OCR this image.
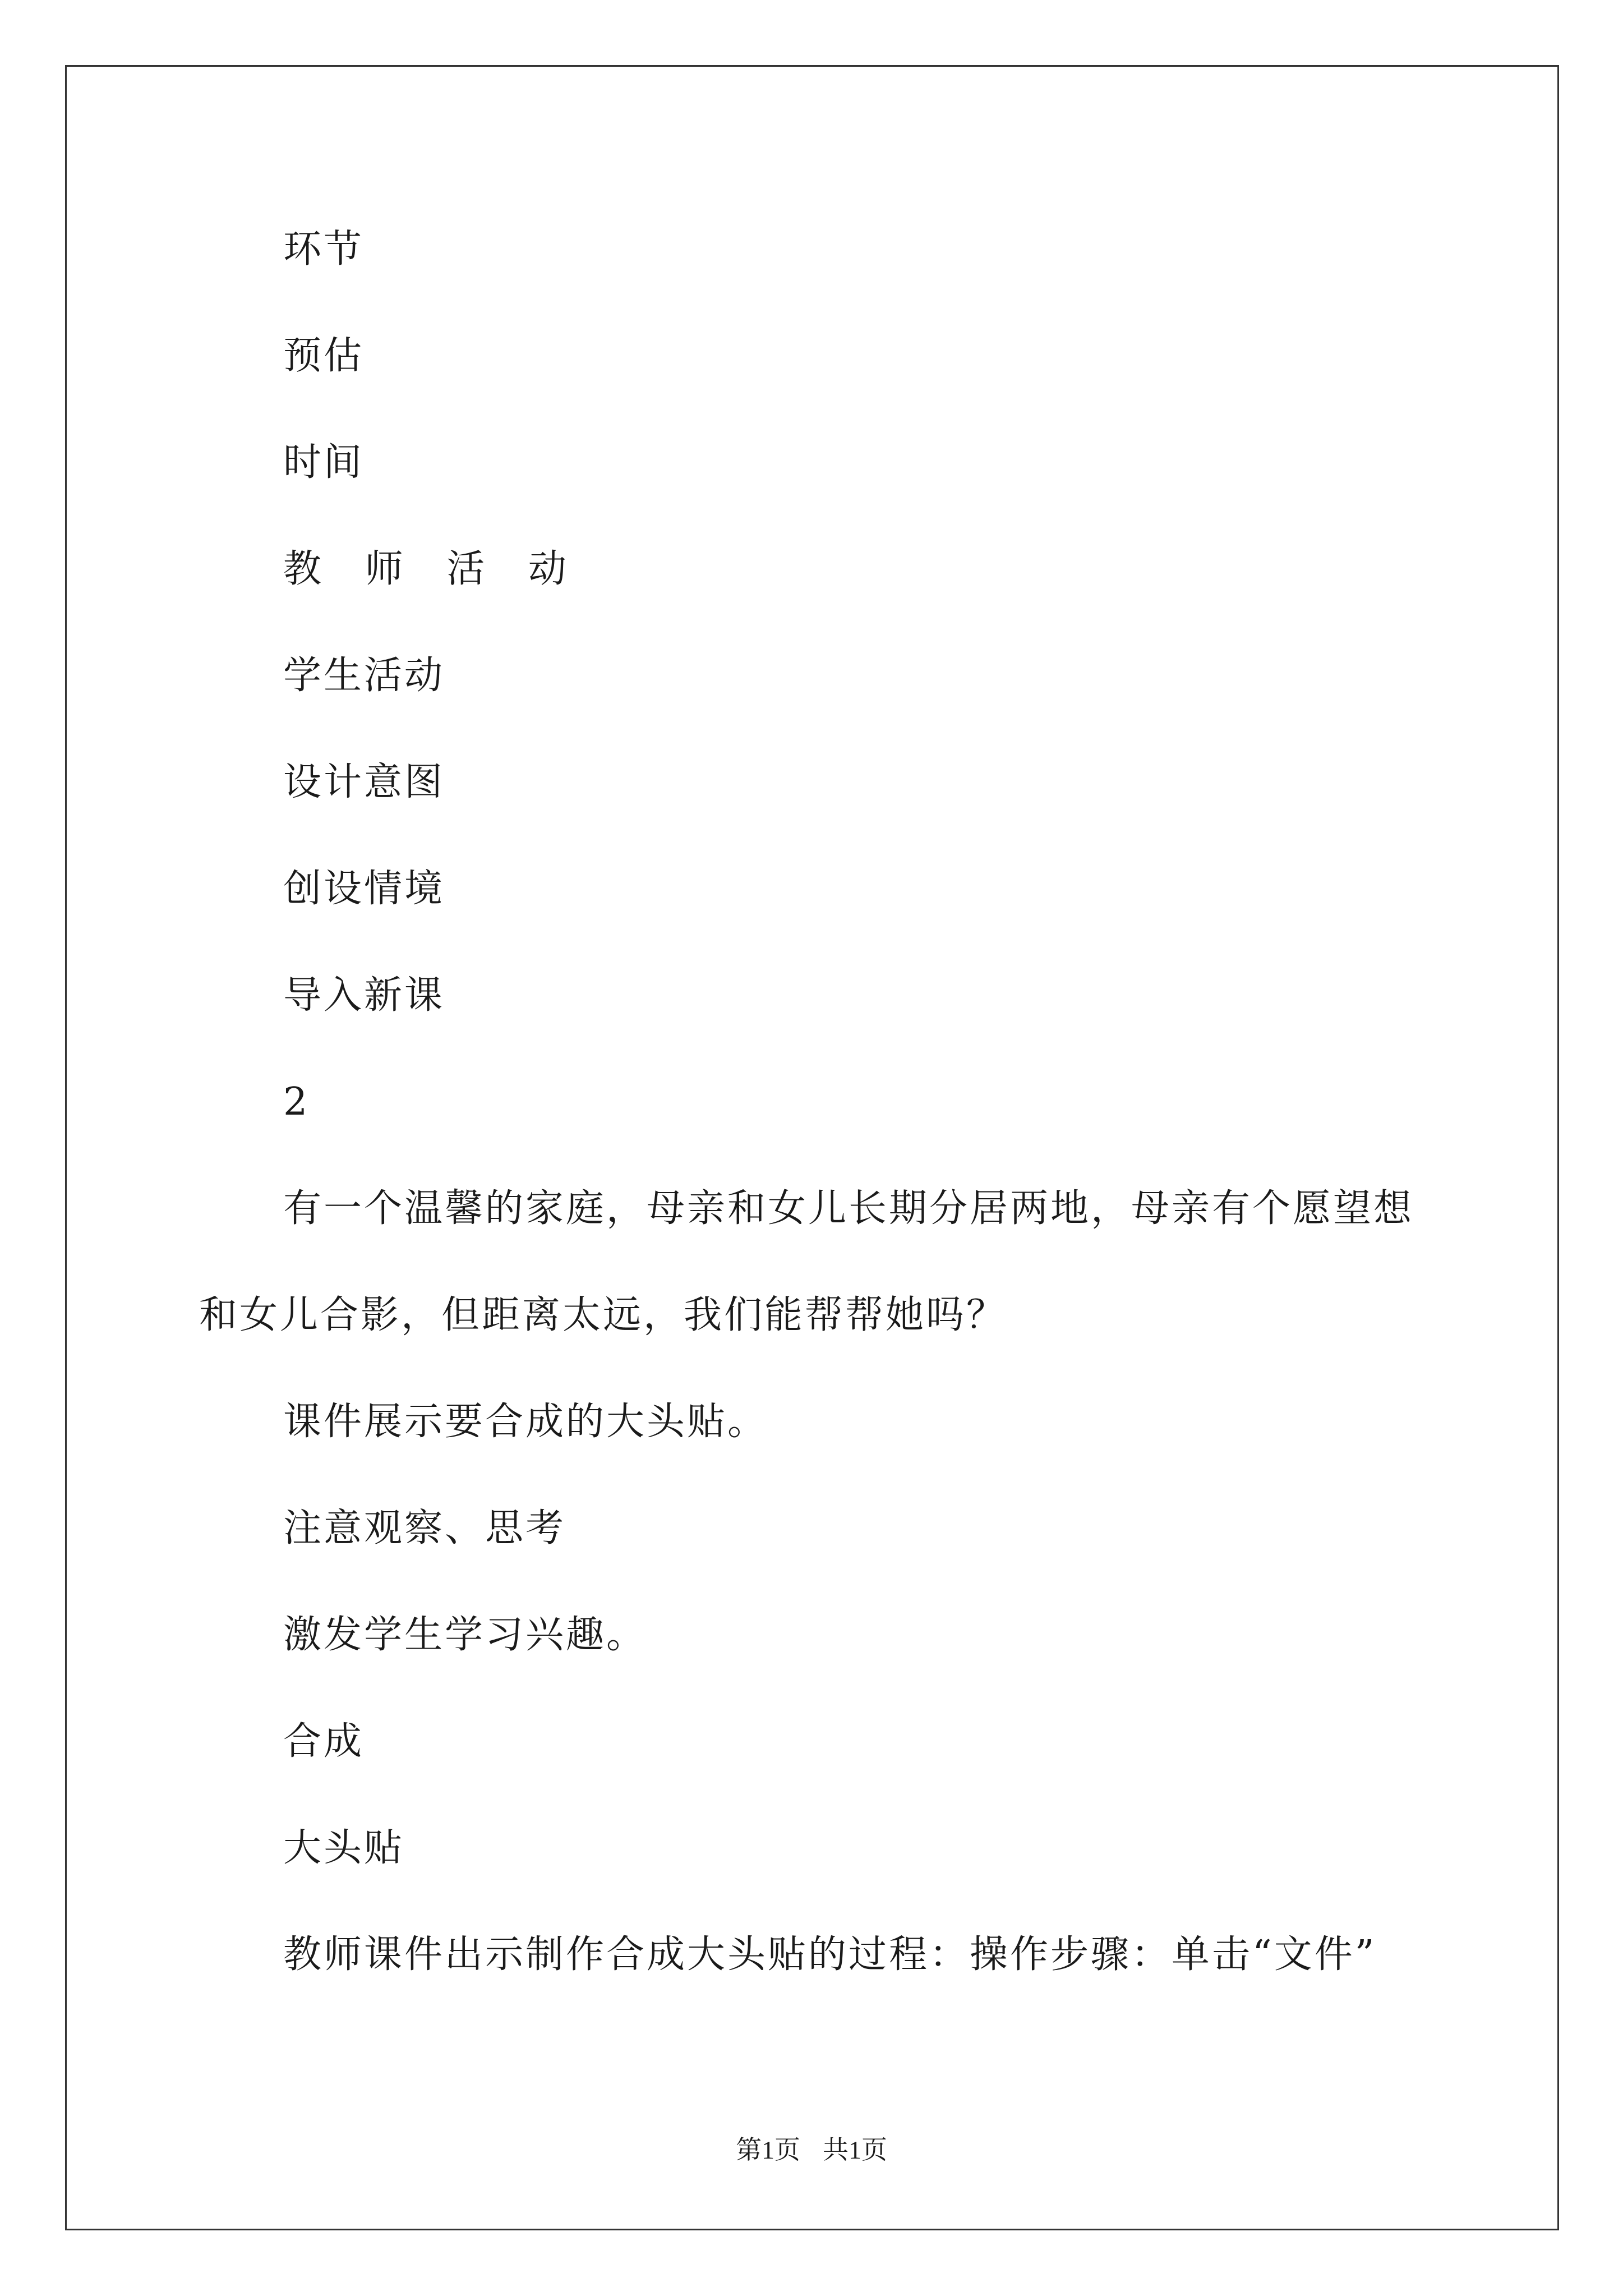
环节
预估
时间
教 师 活 动
学生活动
设计意图
创设情境
导入新课
2
有一个温馨的家庭，母亲和女儿长期分居两地，母亲有个愿望想
和女儿合影，但距离太远，我们能帮帮她吗？
课件展示要合成的大头贴。
注意观察、思考
激发学生学习兴趣。
合成
大头贴
教师课件出示制作合成大头贴的过程：操作步骤：单击“文件”
第1页 共1页
